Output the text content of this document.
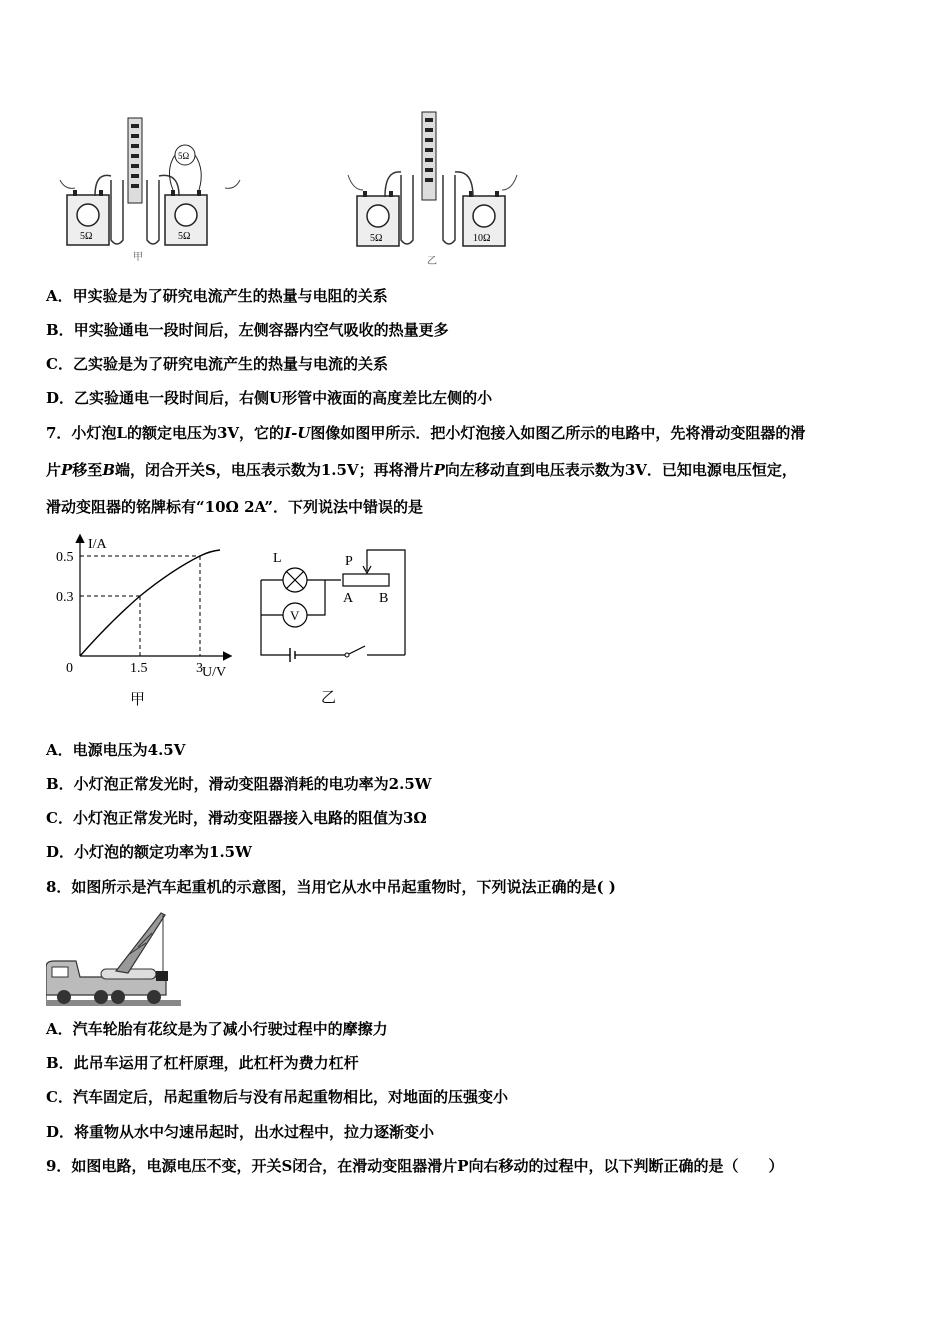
5Ω	5Ω
5Ω
甲
5Ω	10Ω
乙
A．甲实验是为了研究电流产生的热量与电阻的关系
B．甲实验通电一段时间后，左侧容器内空气吸收的热量更多
C．乙实验是为了研究电流产生的热量与电流的关系
D．乙实验通电一段时间后，右侧U形管中液面的高度差比左侧的小
7．小灯泡L的额定电压为3V，它的I-U图像如图甲所示．把小灯泡接入如图乙所示的电路中，先将滑动变阻器的滑
片P移至B端，闭合开关S，电压表示数为1.5V；再将滑片P向左移动直到电压表示数为3V．已知电源电压恒定，
滑动变阻器的铭牌标有“10Ω 2A”．下列说法中错误的是
I/A
U/V
0
0.3
0.5
1.5	3
甲
L	P
A B
V
乙
A．电源电压为4.5V
B．小灯泡正常发光时，滑动变阻器消耗的电功率为2.5W
C．小灯泡正常发光时，滑动变阻器接入电路的阻值为3Ω
D．小灯泡的额定功率为1.5W
8．如图所示是汽车起重机的示意图，当用它从水中吊起重物时，下列说法正确的是( )
A．汽车轮胎有花纹是为了减小行驶过程中的摩擦力
B．此吊车运用了杠杆原理，此杠杆为费力杠杆
C．汽车固定后，吊起重物后与没有吊起重物相比，对地面的压强变小
D．将重物从水中匀速吊起时，出水过程中，拉力逐渐变小
9．如图电路，电源电压不变，开关S闭合，在滑动变阻器滑片P向右移动的过程中，以下判断正确的是（　　）
